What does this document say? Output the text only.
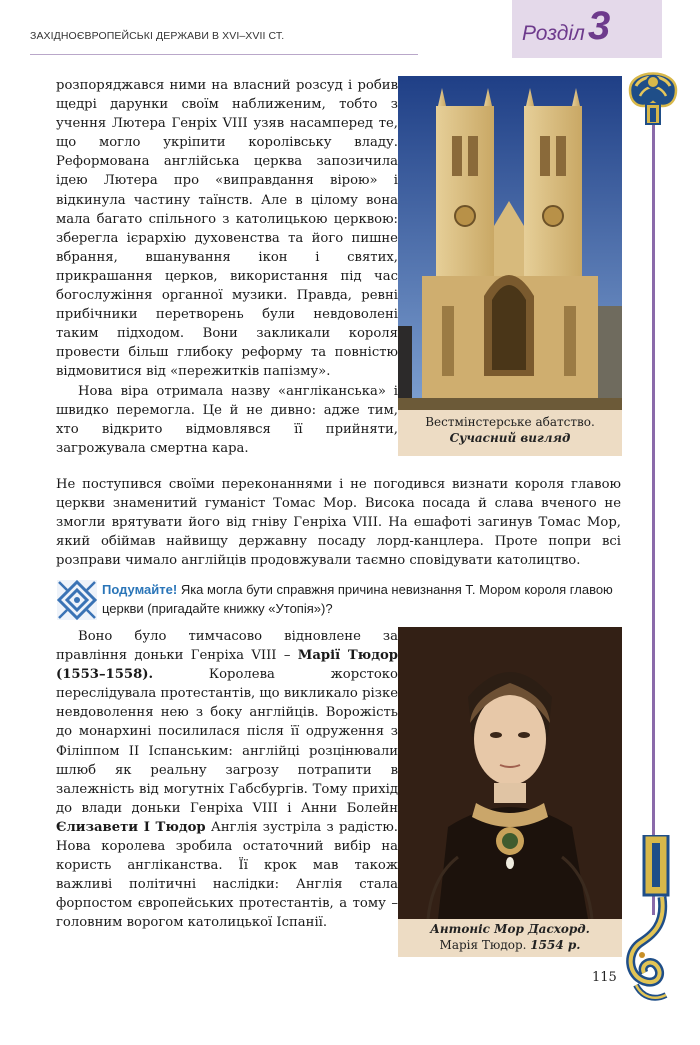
ЗАХІДНОЄВРОПЕЙСЬКІ ДЕРЖАВИ В XVI–XVII СТ.	Розділ 3
Вестмінстерське абатство.
Сучасний вигляд

розпоряджався ними на власний розсуд і робив щедрі дарунки своїм наближеним, тобто з учення Лютера Генріх VIII узяв насамперед те, що могло укріпити королівську владу. Реформована англійська церква запозичила ідею Лютера про «виправдання вірою» і відкинула частину таїнств. Але в цілому вона мала багато спільного з католицькою церквою: зберегла ієрархію духовенства та його пишне вбрання, вшанування ікон і святих, прикрашання церков, використання під час богослужіння органної музики. Правда, ревні прибічники перетворень були невдоволені таким підходом. Вони закликали короля провести більш глибоку реформу та повністю відмовитися від «пережитків папізму».

Нова віра отримала назву «англіканська» і швидко перемогла. Це й не дивно: адже тим, хто відкрито відмовлявся її прийняти, загрожувала смертна кара.

Не поступився своїми переконаннями і не погодився визнати короля главою церкви знаменитий гуманіст Томас Мор. Висока посада й слава вченого не змогли врятувати його від гніву Генріха VIII. На ешафоті загинув Томас Мор, який обіймав найвищу державну посаду лорд-канцлера. Проте попри всі розправи чимало англійців продовжували таємно сповідувати католицтво.

Подумайте! Яка могла бути справжня причина невизнання Т. Мором короля главою церкви (пригадайте книжку «Утопія»)?
Антоніс Мор Дасхорд.
Марія Тюдор. 1554 р.

Воно було тимчасово відновлене за правління доньки Генріха VIII – Марії Тюдор (1553–1558). Королева жорстоко переслідувала протестантів, що викликало різке невдоволення нею з боку англійців. Ворожість до монархині посилилася після її одруження з Філіппом II Іспанським: англійці розцінювали шлюб як реальну загрозу потрапити в залежність від могутніх Габсбургів. Тому прихід до влади доньки Генріха VIII і Анни Болейн Єлизавети I Тюдор Англія зустріла з радістю. Нова королева зробила остаточний вибір на користь англіканства. Її крок мав також важливі політичні наслідки: Англія стала форпостом європейських протестантів, а тому – головним ворогом католицької Іспанії.

115
